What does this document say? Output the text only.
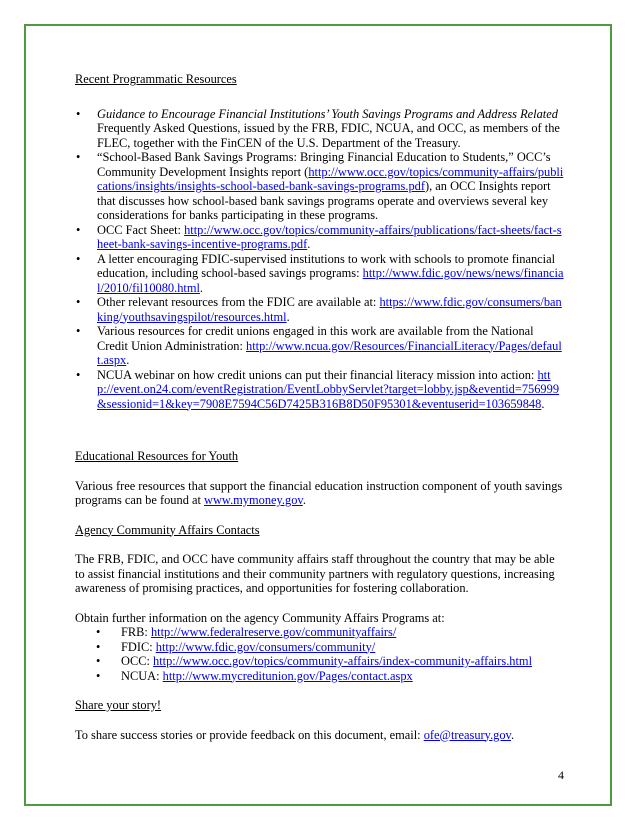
Recent Programmatic Resources

• Guidance to Encourage Financial Institutions’ Youth Savings Programs and Address Related Frequently Asked Questions, issued by the FRB, FDIC, NCUA, and OCC, as members of the FLEC, together with the FinCEN of the U.S. Department of the Treasury.
• “School-Based Bank Savings Programs: Bringing Financial Education to Students,” OCC’s Community Development Insights report (http://www.occ.gov/topics/community-affairs/publications/insights/insights-school-based-bank-savings-programs.pdf), an OCC Insights report that discusses how school-based bank savings programs operate and overviews several key considerations for banks participating in these programs.
• OCC Fact Sheet: http://www.occ.gov/topics/community-affairs/publications/fact-sheets/fact-sheet-bank-savings-incentive-programs.pdf.
• A letter encouraging FDIC-supervised institutions to work with schools to promote financial education, including school-based savings programs: http://www.fdic.gov/news/news/financial/2010/fil10080.html.
• Other relevant resources from the FDIC are available at: https://www.fdic.gov/consumers/banking/youthsavingspilot/resources.html.
• Various resources for credit unions engaged in this work are available from the National Credit Union Administration: http://www.ncua.gov/Resources/FinancialLiteracy/Pages/default.aspx.
• NCUA webinar on how credit unions can put their financial literacy mission into action: http://event.on24.com/eventRegistration/EventLobbyServlet?target=lobby.jsp&eventid=756999&sessionid=1&key=7908E7594C56D7425B316B8D50F95301&eventuserid=103659848.

Educational Resources for Youth

Various free resources that support the financial education instruction component of youth savings programs can be found at www.mymoney.gov.

Agency Community Affairs Contacts

The FRB, FDIC, and OCC have community affairs staff throughout the country that may be able to assist financial institutions and their community partners with regulatory questions, increasing awareness of promising practices, and opportunities for fostering collaboration.

Obtain further information on the agency Community Affairs Programs at:

• FRB: http://www.federalreserve.gov/communityaffairs/
• FDIC: http://www.fdic.gov/consumers/community/
• OCC: http://www.occ.gov/topics/community-affairs/index-community-affairs.html
• NCUA: http://www.mycreditunion.gov/Pages/contact.aspx

Share your story!

To share success stories or provide feedback on this document, email: ofe@treasury.gov.

4
